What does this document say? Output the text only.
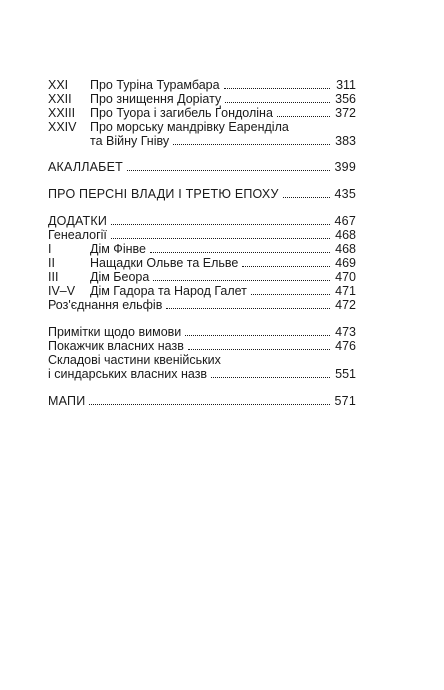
XXI	Про Туріна Турамбара	311
XXII	Про знищення Доріату	356
XXIII	Про Туора і загибель Ґондоліна	372
XXIV	Про морську мандрівку Еаренділа
та Війну Гніву	383
АКАЛЛАБЕТ	399
ПРО ПЕРСНІ ВЛАДИ І ТРЕТЮ ЕПОХУ	435
ДОДАТКИ	467
Генеалогії	468
I	Дім Фінве	468
II	Нащадки Ольве та Ельве	469
III	Дім Беора	470
IV–V	Дім Гадора та Народ Галет	471
Роз'єднання ельфів	472
Примітки щодо вимови	473
Покажчик власних назв	476
Складові частини квенійських
і синдарських власних назв	551
МАПИ	571
